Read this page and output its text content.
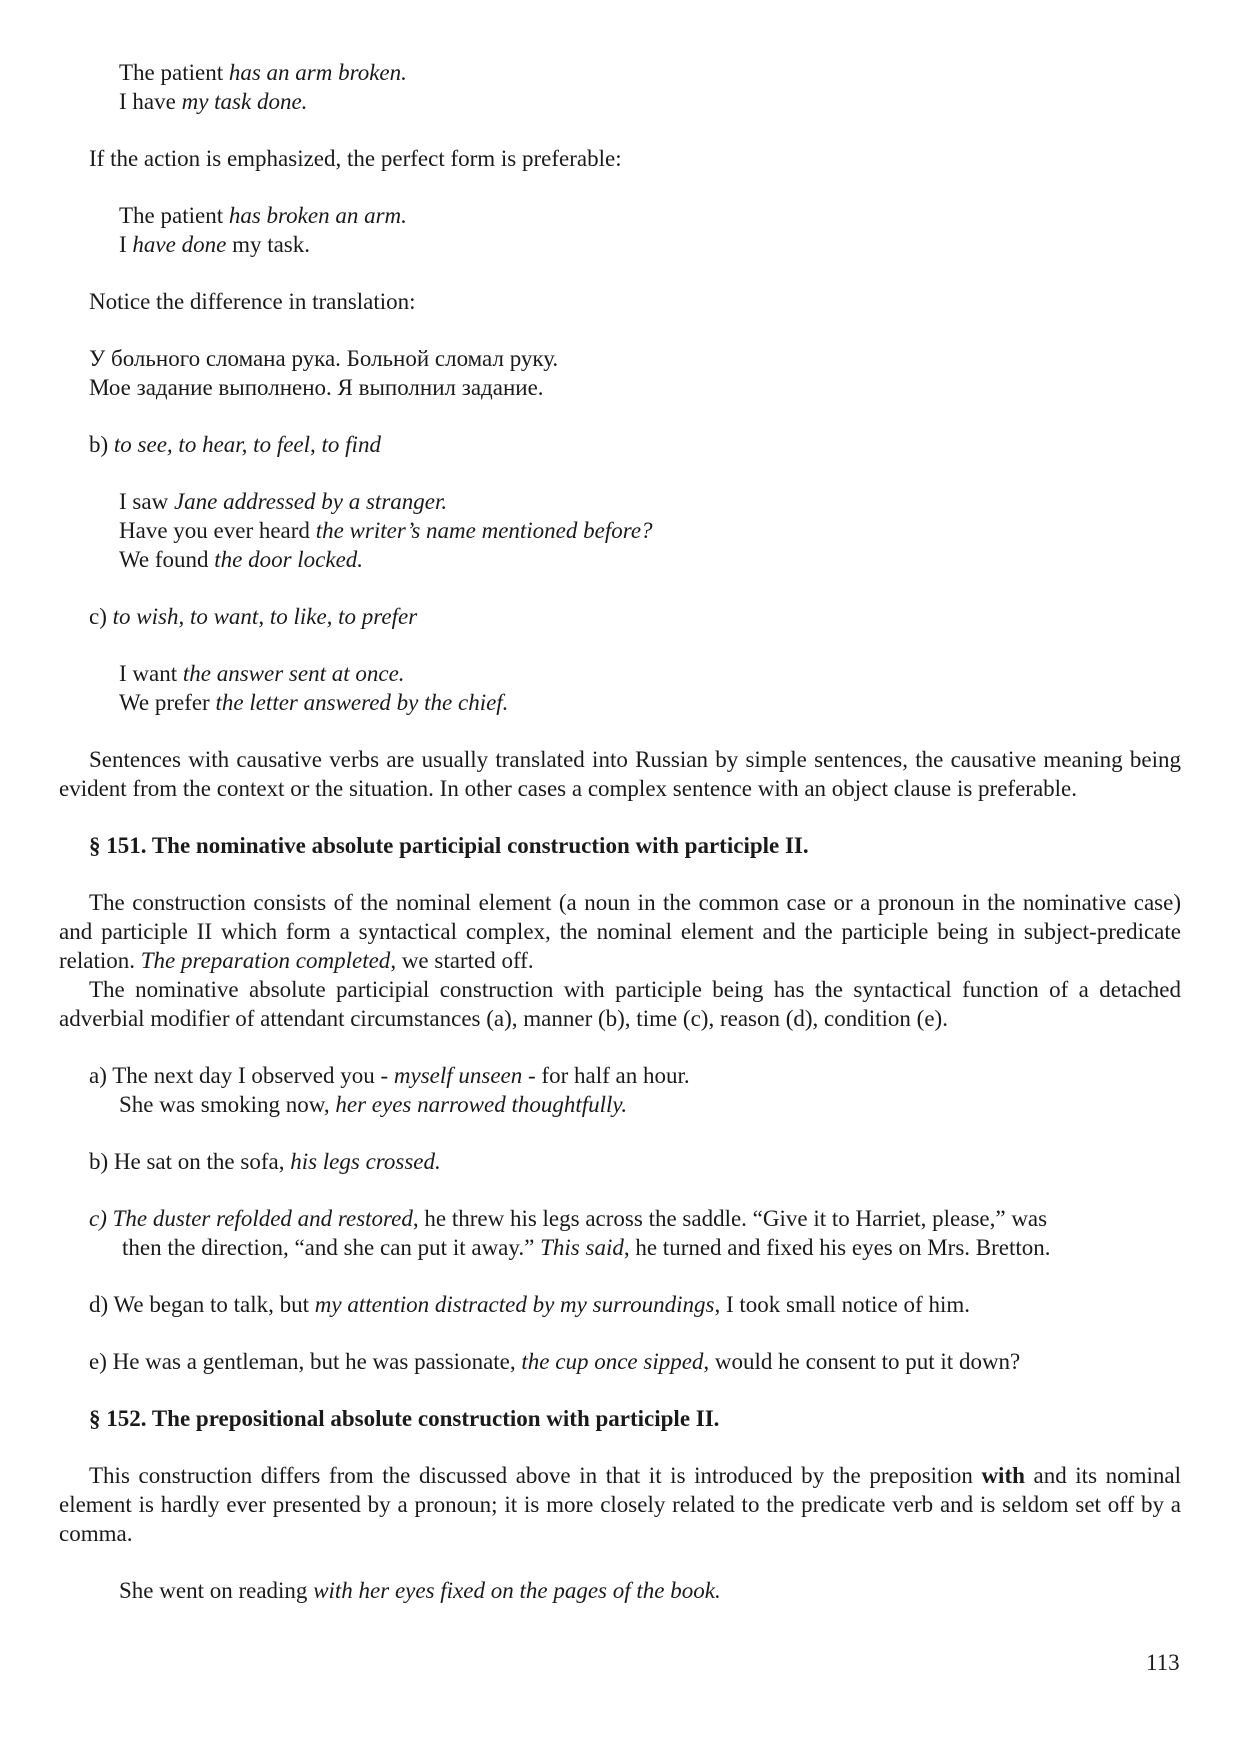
The patient has an arm broken.

I have my task done.

If the action is emphasized, the perfect form is preferable:

The patient has broken an arm.

I have done my task.

Notice the difference in translation:

У больного сломана рука. Больной сломал руку.

Мое задание выполнено. Я выполнил задание.

b) to see, to hear, to feel, to find

I saw Jane addressed by a stranger.

Have you ever heard the writer’s name mentioned before?

We found the door locked.

c) to wish, to want, to like, to prefer

I want the answer sent at once.

We prefer the letter answered by the chief.

Sentences with causative verbs are usually translated into Russian by simple sentences, the causative meaning being evident from the context or the situation. In other cases a complex sentence with an object clause is preferable.

§ 151. The nominative absolute participial construction with participle II.

The construction consists of the nominal element (a noun in the common case or a pronoun in the nominative case) and participle II which form a syntactical complex, the nominal element and the participle being in subject-predicate relation. The preparation completed, we started off.

The nominative absolute participial construction with participle being has the syntactical function of a detached adverbial modifier of attendant circumstances (a), manner (b), time (c), reason (d), condition (e).

a) The next day I observed you - myself unseen - for half an hour.

She was smoking now, her eyes narrowed thoughtfully.

b) He sat on the sofa, his legs crossed.

c) The duster refolded and restored, he threw his legs across the saddle. “Give it to Harriet, please,” was

then the direction, “and she can put it away.” This said, he turned and fixed his eyes on Mrs. Bretton.

d) We began to talk, but my attention distracted by my surroundings, I took small notice of him.

e) He was a gentleman, but he was passionate, the cup once sipped, would he consent to put it down?

§ 152. The prepositional absolute construction with participle II.

This construction differs from the discussed above in that it is introduced by the preposition with and its nominal element is hardly ever presented by a pronoun; it is more closely related to the predicate verb and is seldom set off by a comma.

She went on reading with her eyes fixed on the pages of the book.

113
